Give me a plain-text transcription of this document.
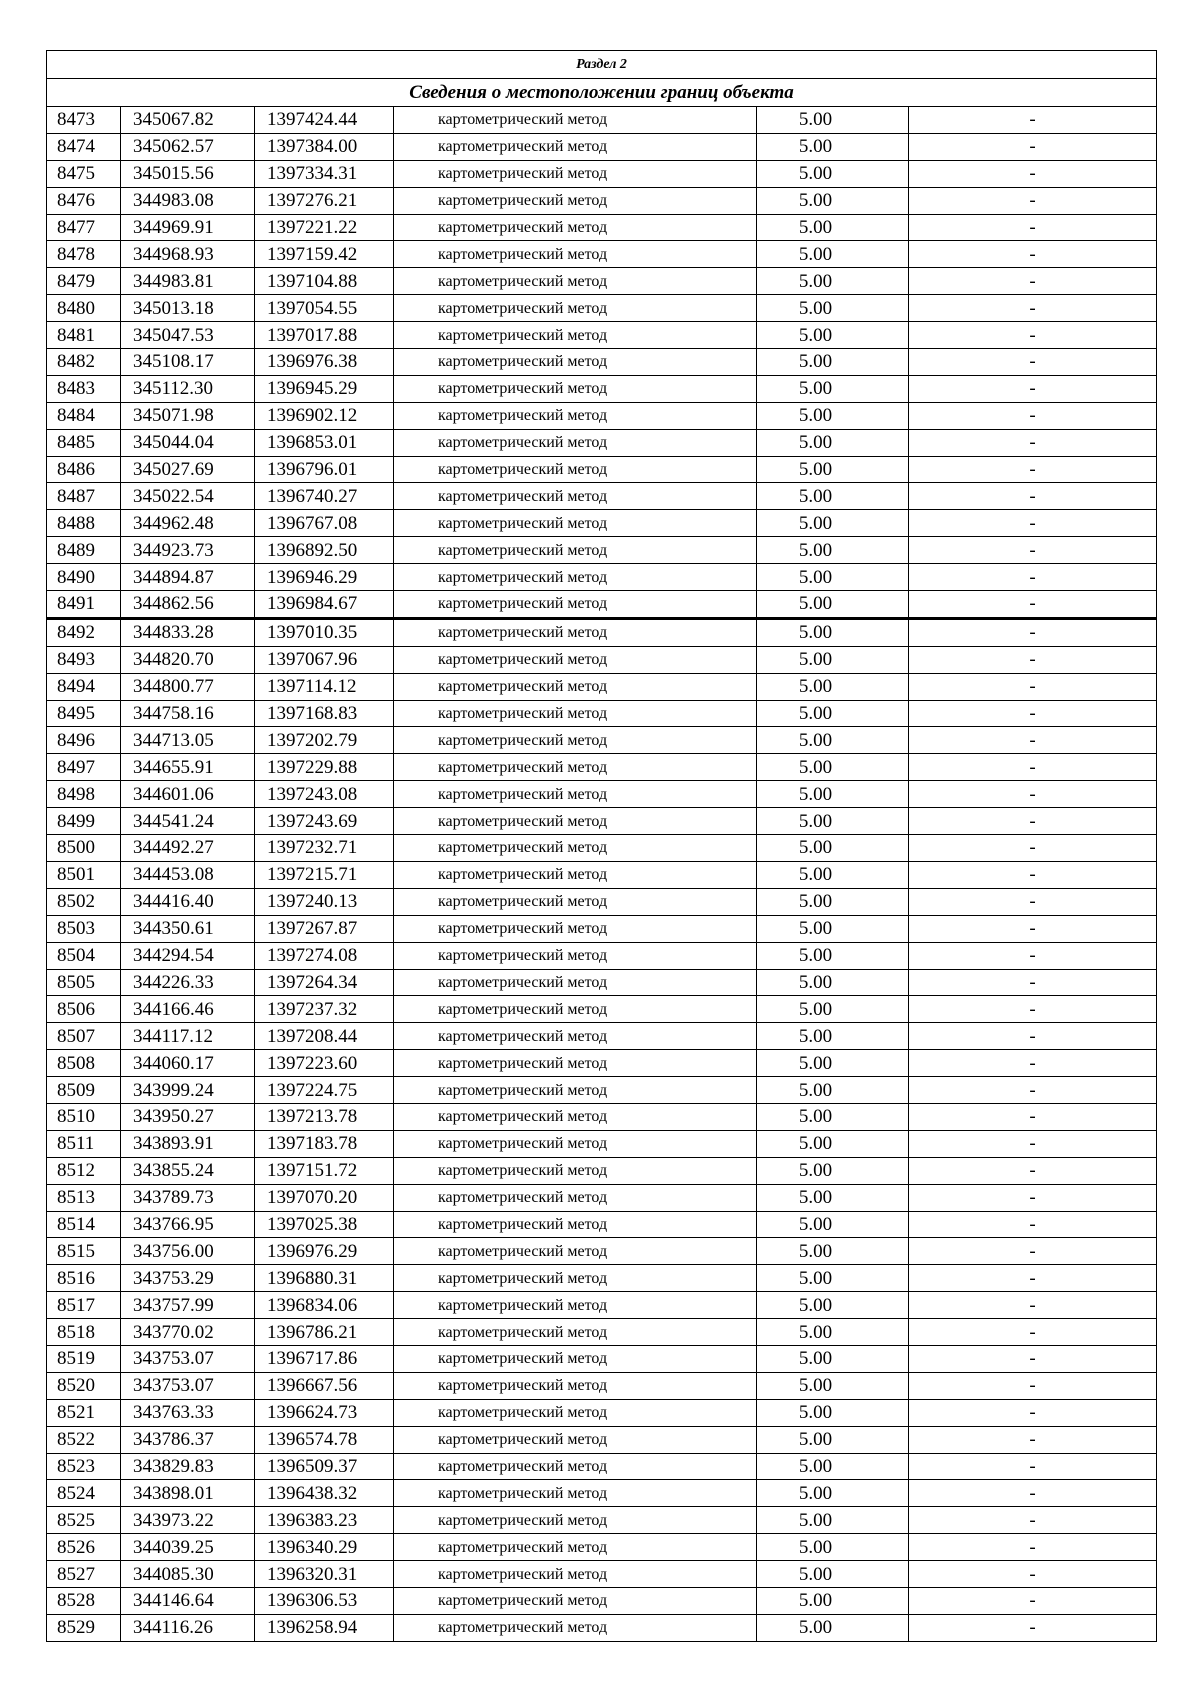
Раздел 2					
Сведения о местоположении границ объекта					
8473	345067.82	1397424.44	картометрический метод	5.00	-
8474	345062.57	1397384.00	картометрический метод	5.00	-
8475	345015.56	1397334.31	картометрический метод	5.00	-
8476	344983.08	1397276.21	картометрический метод	5.00	-
8477	344969.91	1397221.22	картометрический метод	5.00	-
8478	344968.93	1397159.42	картометрический метод	5.00	-
8479	344983.81	1397104.88	картометрический метод	5.00	-
8480	345013.18	1397054.55	картометрический метод	5.00	-
8481	345047.53	1397017.88	картометрический метод	5.00	-
8482	345108.17	1396976.38	картометрический метод	5.00	-
8483	345112.30	1396945.29	картометрический метод	5.00	-
8484	345071.98	1396902.12	картометрический метод	5.00	-
8485	345044.04	1396853.01	картометрический метод	5.00	-
8486	345027.69	1396796.01	картометрический метод	5.00	-
8487	345022.54	1396740.27	картометрический метод	5.00	-
8488	344962.48	1396767.08	картометрический метод	5.00	-
8489	344923.73	1396892.50	картометрический метод	5.00	-
8490	344894.87	1396946.29	картометрический метод	5.00	-
8491	344862.56	1396984.67	картометрический метод	5.00	-
8492	344833.28	1397010.35	картометрический метод	5.00	-
8493	344820.70	1397067.96	картометрический метод	5.00	-
8494	344800.77	1397114.12	картометрический метод	5.00	-
8495	344758.16	1397168.83	картометрический метод	5.00	-
8496	344713.05	1397202.79	картометрический метод	5.00	-
8497	344655.91	1397229.88	картометрический метод	5.00	-
8498	344601.06	1397243.08	картометрический метод	5.00	-
8499	344541.24	1397243.69	картометрический метод	5.00	-
8500	344492.27	1397232.71	картометрический метод	5.00	-
8501	344453.08	1397215.71	картометрический метод	5.00	-
8502	344416.40	1397240.13	картометрический метод	5.00	-
8503	344350.61	1397267.87	картометрический метод	5.00	-
8504	344294.54	1397274.08	картометрический метод	5.00	-
8505	344226.33	1397264.34	картометрический метод	5.00	-
8506	344166.46	1397237.32	картометрический метод	5.00	-
8507	344117.12	1397208.44	картометрический метод	5.00	-
8508	344060.17	1397223.60	картометрический метод	5.00	-
8509	343999.24	1397224.75	картометрический метод	5.00	-
8510	343950.27	1397213.78	картометрический метод	5.00	-
8511	343893.91	1397183.78	картометрический метод	5.00	-
8512	343855.24	1397151.72	картометрический метод	5.00	-
8513	343789.73	1397070.20	картометрический метод	5.00	-
8514	343766.95	1397025.38	картометрический метод	5.00	-
8515	343756.00	1396976.29	картометрический метод	5.00	-
8516	343753.29	1396880.31	картометрический метод	5.00	-
8517	343757.99	1396834.06	картометрический метод	5.00	-
8518	343770.02	1396786.21	картометрический метод	5.00	-
8519	343753.07	1396717.86	картометрический метод	5.00	-
8520	343753.07	1396667.56	картометрический метод	5.00	-
8521	343763.33	1396624.73	картометрический метод	5.00	-
8522	343786.37	1396574.78	картометрический метод	5.00	-
8523	343829.83	1396509.37	картометрический метод	5.00	-
8524	343898.01	1396438.32	картометрический метод	5.00	-
8525	343973.22	1396383.23	картометрический метод	5.00	-
8526	344039.25	1396340.29	картометрический метод	5.00	-
8527	344085.30	1396320.31	картометрический метод	5.00	-
8528	344146.64	1396306.53	картометрический метод	5.00	-
8529	344116.26	1396258.94	картометрический метод	5.00	-
